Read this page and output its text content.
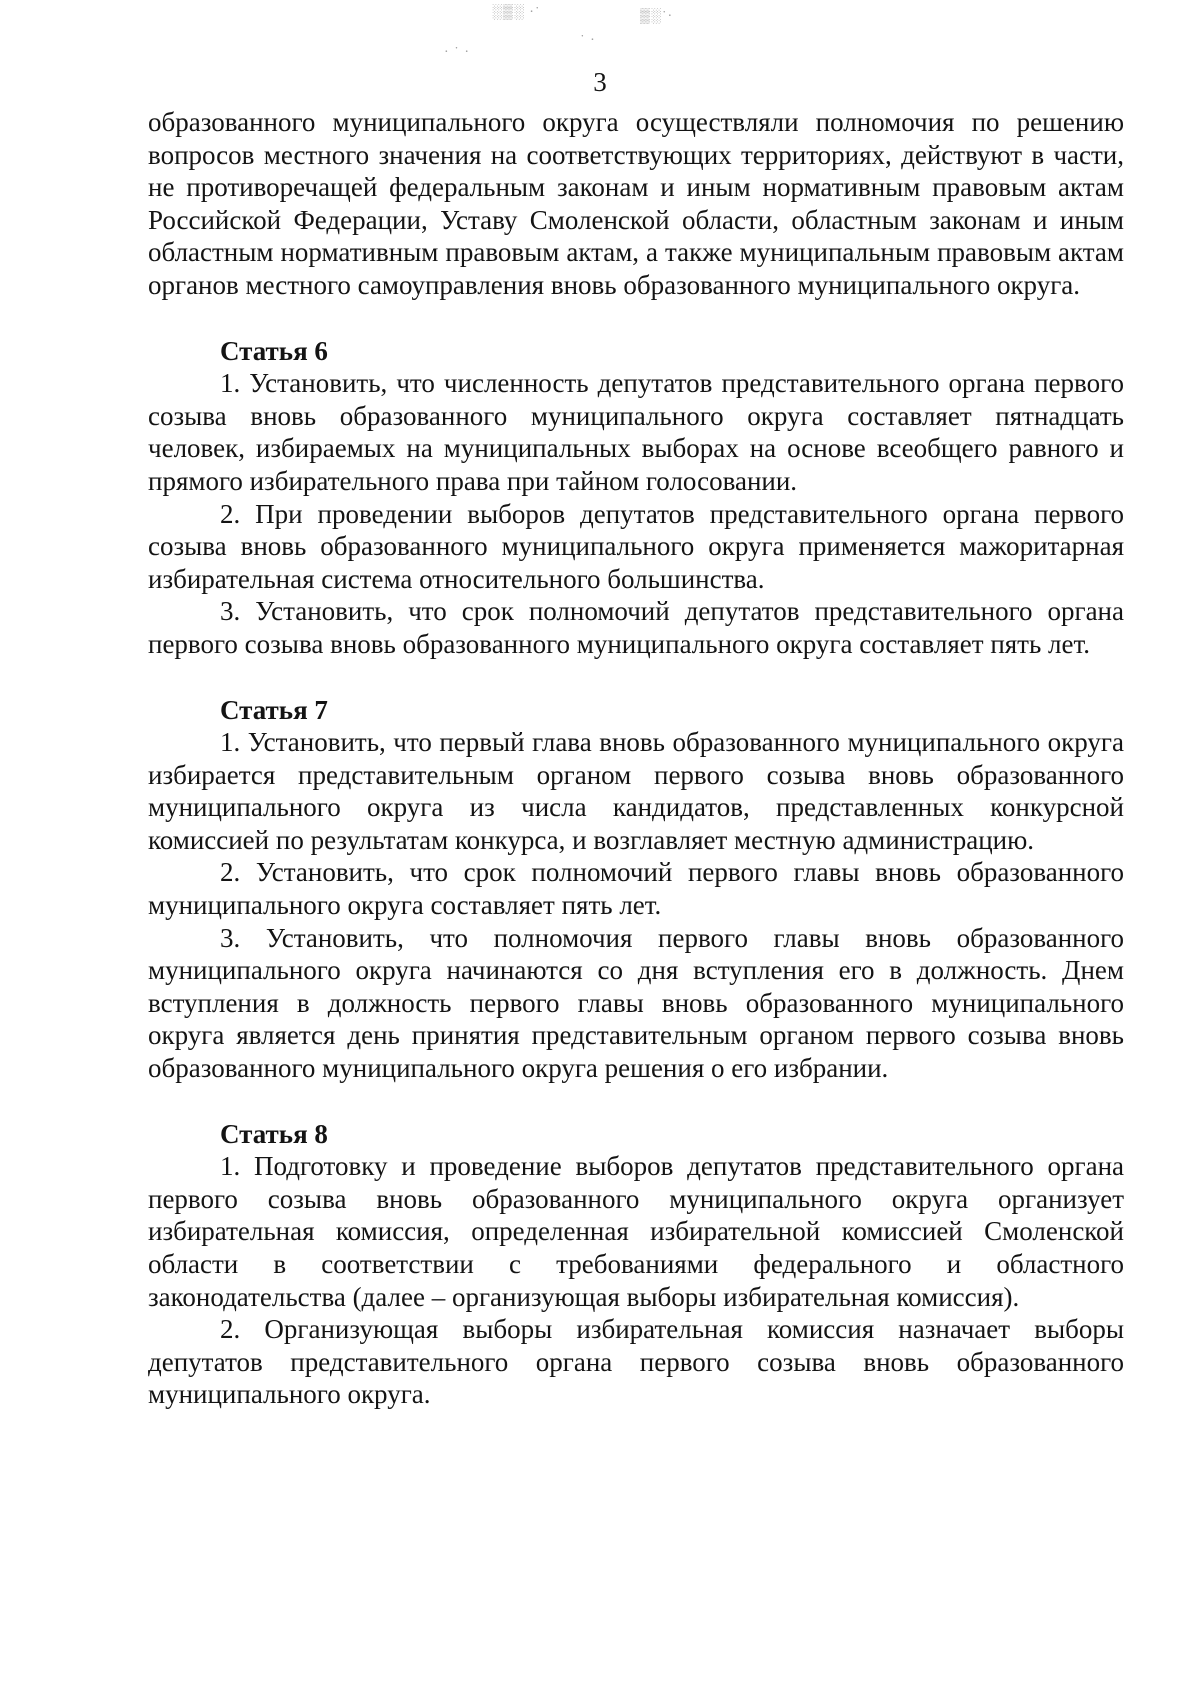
░▒░ ·˙	▒░˙·
˙ ·
· ˙ ·
3

образованного муниципального округа осуществляли полномочия по решению вопросов местного значения на соответствующих территориях, действуют в части, не противоречащей федеральным законам и иным нормативным правовым актам Российской Федерации, Уставу Смоленской области, областным законам и иным областным нормативным правовым актам, а также муниципальным правовым актам органов местного самоуправления вновь образованного муниципального округа.

Статья 6

1. Установить, что численность депутатов представительного органа первого созыва вновь образованного муниципального округа составляет пятнадцать человек, избираемых на муниципальных выборах на основе всеобщего равного и прямого избирательного права при тайном голосовании.

2. При проведении выборов депутатов представительного органа первого созыва вновь образованного муниципального округа применяется мажоритарная избирательная система относительного большинства.

3. Установить, что срок полномочий депутатов представительного органа первого созыва вновь образованного муниципального округа составляет пять лет.

Статья 7

1. Установить, что первый глава вновь образованного муниципального округа избирается представительным органом первого созыва вновь образованного муниципального округа из числа кандидатов, представленных конкурсной комиссией по результатам конкурса, и возглавляет местную администрацию.

2. Установить, что срок полномочий первого главы вновь образованного муниципального округа составляет пять лет.

3. Установить, что полномочия первого главы вновь образованного муниципального округа начинаются со дня вступления его в должность. Днем вступления в должность первого главы вновь образованного муниципального округа является день принятия представительным органом первого созыва вновь образованного муниципального округа решения о его избрании.

Статья 8

1. Подготовку и проведение выборов депутатов представительного органа первого созыва вновь образованного муниципального округа организует избирательная комиссия, определенная избирательной комиссией Смоленской области в соответствии с требованиями федерального и областного законодательства (далее – организующая выборы избирательная комиссия).

2. Организующая выборы избирательная комиссия назначает выборы депутатов представительного органа первого созыва вновь образованного муниципального округа.
